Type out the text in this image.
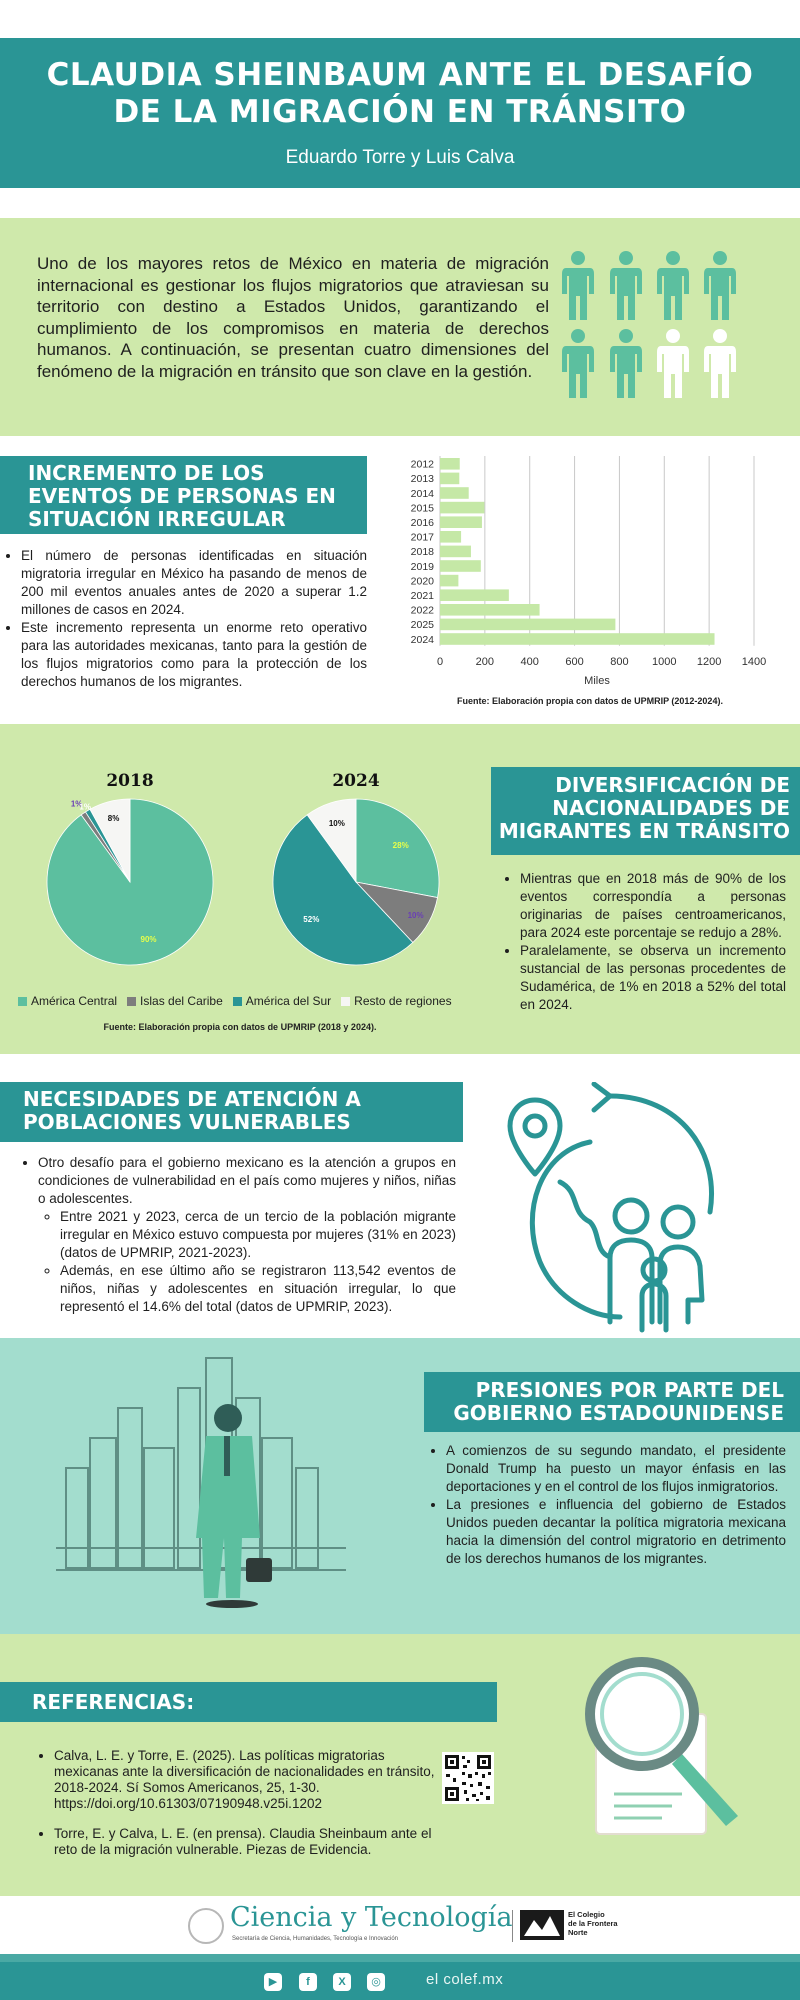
CLAUDIA SHEINBAUM ANTE EL DESAFÍO
DE LA MIGRACIÓN EN TRÁNSITO
Eduardo Torre y Luis Calva

Uno de los mayores retos de México en materia de migración internacional es gestionar los flujos migratorios que atraviesan su territorio con destino a Estados Unidos, garantizando el cumplimiento de los compromisos en materia de derechos humanos. A continuación, se presentan cuatro dimensiones del fenómeno de la migración en tránsito que son clave en la gestión.

INCREMENTO DE LOS
EVENTOS DE PERSONAS EN
SITUACIÓN IRREGULAR
• El número de personas identificadas en situación migratoria irregular en México ha pasando de menos de 200 mil eventos anuales antes de 2020 a superar 1.2 millones de casos en 2024.
• Este incremento representa un enorme reto operativo para las autoridades mexicanas, tanto para la gestión de los flujos migratorios como para la protección de los derechos humanos de los migrantes.
0	200 400 600 800 1000 1200 1400
2012
2013
2014
2015
2016
2017
2018
2019
2020
2021
2022
2025
2024
Miles
Fuente: Elaboración propia con datos de UPMRIP (2012-2024).
2018
90%
1%
1%
8%
2024
28%
10%
52%
10%
América Central Islas del Caribe América del Sur Resto de regiones
Fuente: Elaboración propia con datos de UPMRIP (2018 y 2024).
DIVERSIFICACIÓN DE
NACIONALIDADES DE
MIGRANTES EN TRÁNSITO
• Mientras que en 2018 más de 90% de los eventos correspondía a personas originarias de países centroamericanos, para 2024 este porcentaje se redujo a 28%.
• Paralelamente, se observa un incremento sustancial de las personas procedentes de Sudamérica, de 1% en 2018 a 52% del total en 2024.
NECESIDADES DE ATENCIÓN A
POBLACIONES VULNERABLES
• Otro desafío para el gobierno mexicano es la atención a grupos en condiciones de vulnerabilidad en el país como mujeres y niños, niñas o adolescentes.
◦ Entre 2021 y 2023, cerca de un tercio de la población migrante irregular en México estuvo compuesta por mujeres (31% en 2023) (datos de UPMRIP, 2021-2023).
◦ Además, en ese último año se registraron 113,542 eventos de niños, niñas y adolescentes en situación irregular, lo que representó el 14.6% del total (datos de UPMRIP, 2023).
PRESIONES POR PARTE DEL
GOBIERNO ESTADOUNIDENSE
• A comienzos de su segundo mandato, el presidente Donald Trump ha puesto un mayor énfasis en las deportaciones y en el control de los flujos inmigratorios.
• La presiones e influencia del gobierno de Estados Unidos pueden decantar la política migratoria mexicana hacia la dimensión del control migratorio en detrimento de los derechos humanos de los migrantes.
REFERENCIAS:
• Calva, L. E. y Torre, E. (2025). Las políticas migratorias mexicanas ante la diversificación de nacionalidades en tránsito, 2018-2024. Sí Somos Americanos, 25, 1-30. https://doi.org/10.61303/07190948.v25i.1202
• Torre, E. y Calva, L. E. (en prensa). Claudia Sheinbaum ante el reto de la migración vulnerable. Piezas de Evidencia.
Ciencia y Tecnología
Secretaría de Ciencia, Humanidades, Tecnología e Innovación
El Colegio
de la Frontera
Norte
▶	f	X	◎	el colef.mx
